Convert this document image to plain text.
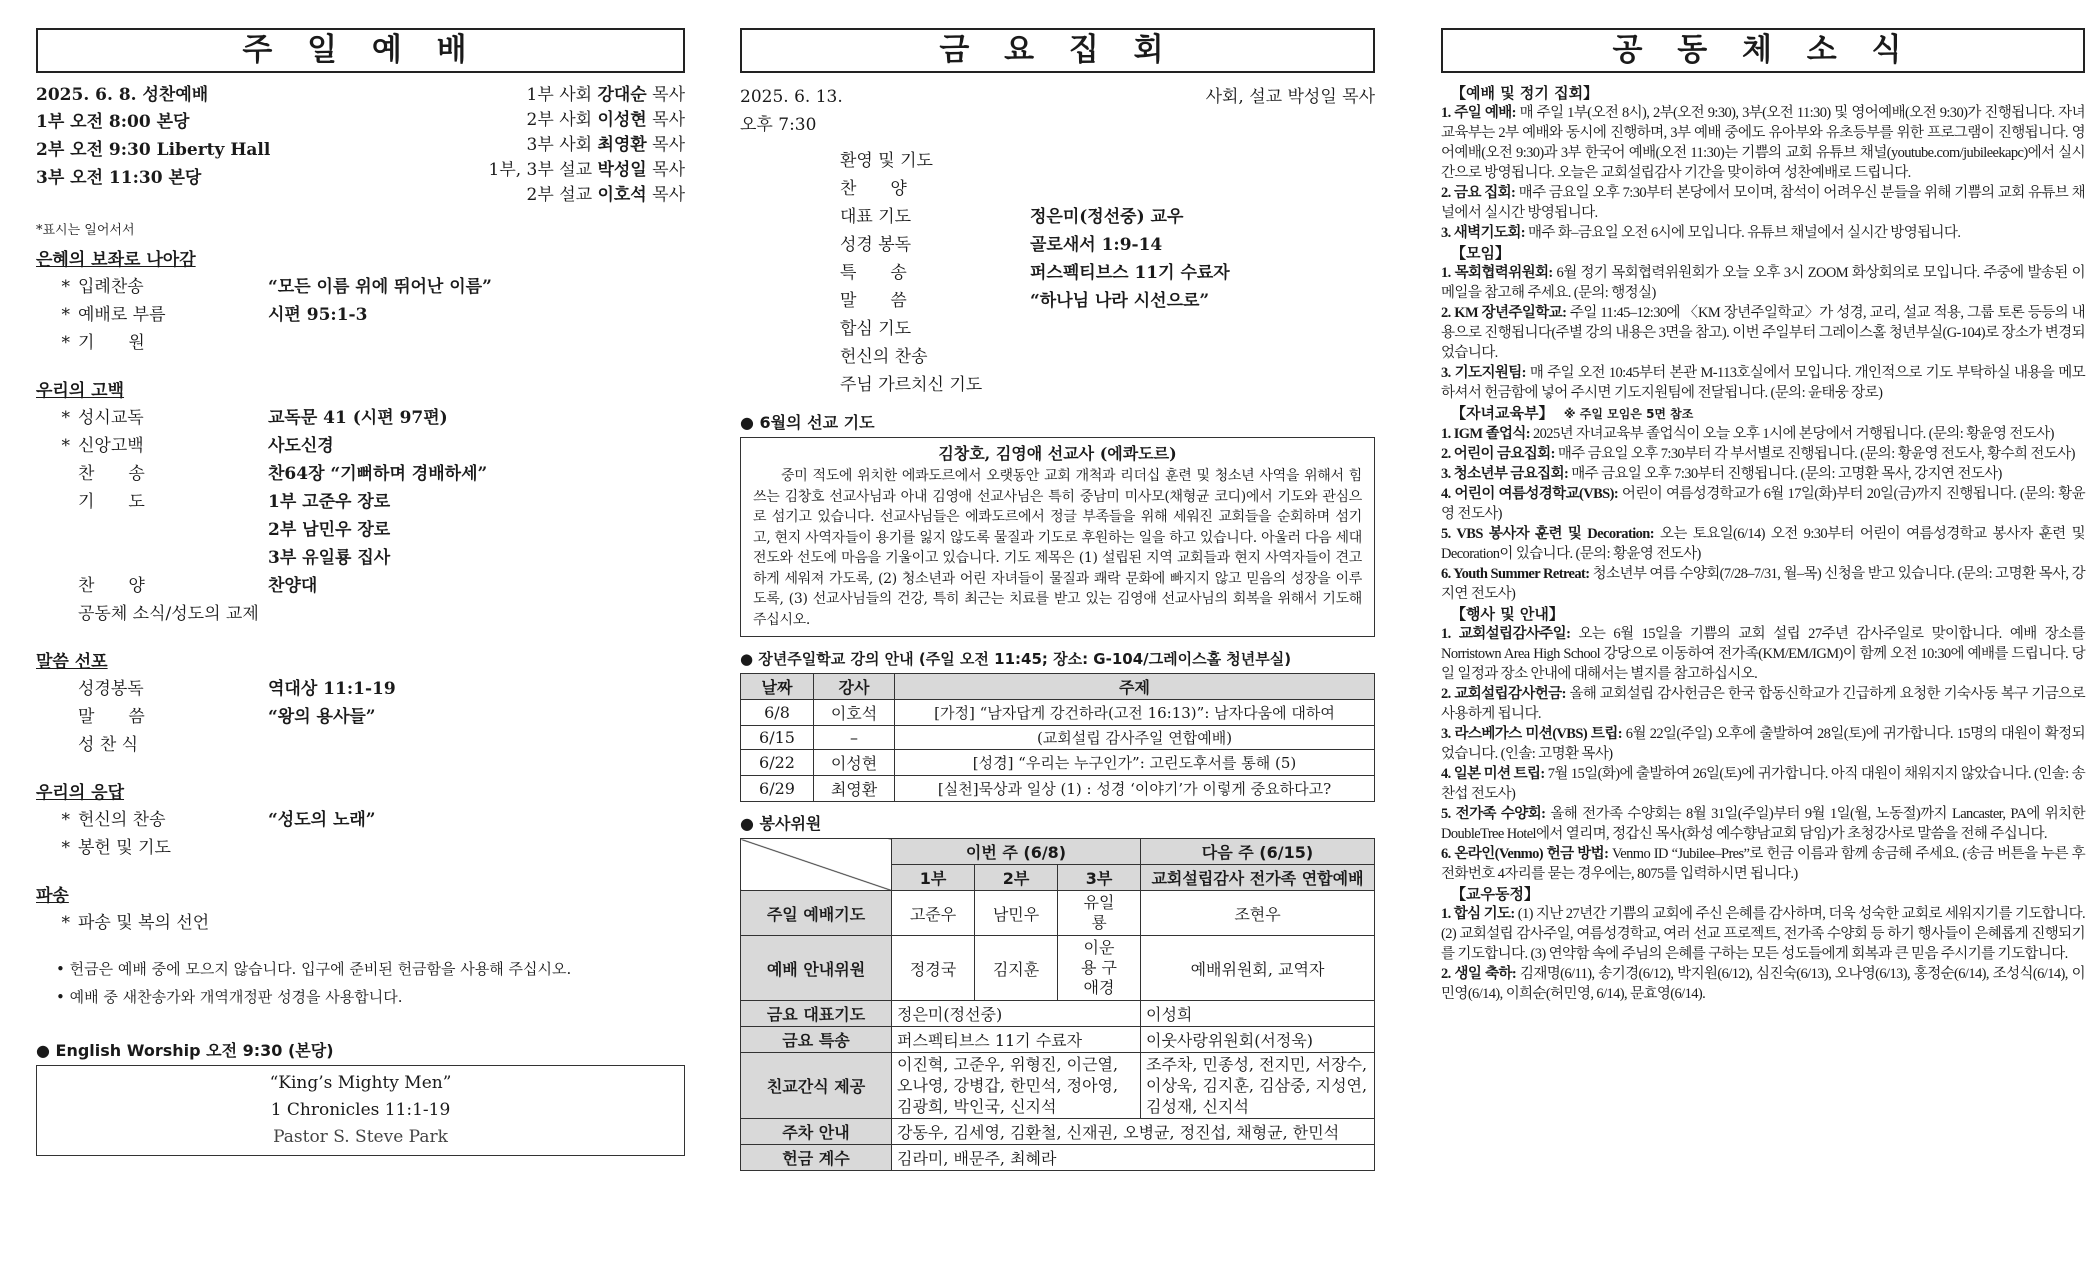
주 일 예 배
2025. 6. 8. 성찬예배
1부 오전 8:00 본당
2부 오전 9:30 Liberty Hall
3부 오전 11:30 본당
1부 사회 강대순 목사
2부 사회 이성현 목사
3부 사회 최영환 목사
1부, 3부 설교 박성일 목사
2부 설교 이호석 목사
*표시는 일어서서
은혜의 보좌로 나아감
* 입례찬송	“모든 이름 위에 뛰어난 이름”
* 예배로 부름	시편 95:1-3
* 기　　원
우리의 고백
* 성시교독	교독문 41 (시편 97편)
* 신앙고백	사도신경
찬　　송	찬64장 “기뻐하며 경배하세”
기　　도	1부 고준우 장로
2부 남민우 장로
3부 유일룡 집사
찬　　양	찬양대
공동체 소식/성도의 교제
말씀 선포
성경봉독	역대상 11:1-19
말　　씀	“왕의 용사들”
성 찬 식
우리의 응답
* 헌신의 찬송	“성도의 노래”
* 봉헌 및 기도
파송
* 파송 및 복의 선언
• 헌금은 예배 중에 모으지 않습니다. 입구에 준비된 헌금함을 사용해 주십시오.
• 예배 중 새찬송가와 개역개정판 성경을 사용합니다.
● English Worship 오전 9:30 (본당)
“King’s Mighty Men”
1 Chronicles 11:1-19
Pastor S. Steve Park
금 요 집 회
2025. 6. 13.
오후 7:30
사회, 설교 박성일 목사
환영 및 기도
찬　　양
대표 기도	정은미(정선중) 교우
성경 봉독	골로새서 1:9-14
특　　송	퍼스펙티브스 11기 수료자
말　　씀	“하나님 나라 시선으로”
합심 기도
헌신의 찬송
주님 가르치신 기도
● 6월의 선교 기도
김창호, 김영애 선교사 (에콰도르)
중미 적도에 위치한 에콰도르에서 오랫동안 교회 개척과 리더십 훈련 및 청소년 사역을 위해서 힘쓰는 김창호 선교사님과 아내 김영애 선교사님은 특히 중남미 미사모(채형균 코디)에서 기도와 관심으로 섬기고 있습니다. 선교사님들은 에콰도르에서 정글 부족들을 위해 세워진 교회들을 순회하며 섬기고, 현지 사역자들이 용기를 잃지 않도록 물질과 기도로 후원하는 일을 하고 있습니다. 아울러 다음 세대 전도와 선도에 마음을 기울이고 있습니다. 기도 제목은 (1) 설립된 지역 교회들과 현지 사역자들이 견고하게 세워져 가도록, (2) 청소년과 어린 자녀들이 물질과 쾌락 문화에 빠지지 않고 믿음의 성장을 이루도록, (3) 선교사님들의 건강, 특히 최근는 치료를 받고 있는 김영애 선교사님의 회복을 위해서 기도해 주십시오.
● 장년주일학교 강의 안내 (주일 오전 11:45; 장소: G-104/그레이스홀 청년부실)
날짜	강사	주제
6/8	이호석	[가정] “남자답게 강건하라(고전 16:13)”: 남자다움에 대하여
6/15	–	(교회설립 감사주일 연합예배)
6/22	이성현	[성경] “우리는 누구인가”: 고린도후서를 통해 (5)
6/29	최영환	[실천]묵상과 일상 (1) : 성경 ‘이야기’가 이렇게 중요하다고?
● 봉사위원
	이번 주 (6/8)			다음 주 (6/15)
	1부	2부	3부	교회설립감사 전가족 연합예배
주일 예배기도	고준우	남민우	유일룡	조현우
예배 안내위원	정경국	김지훈	이운용 구애경	예배위원회, 교역자
금요 대표기도	정은미(정선중)			이성희
금요 특송	퍼스펙티브스 11기 수료자			이웃사랑위원회(서정욱)
친교간식 제공	이진혁, 고준우, 위형진, 이근열, 오나영, 강병갑, 한민석, 정아영, 김광희, 박인국, 신지석			조주차, 민종성, 전지민, 서장수, 이상욱, 김지훈, 김삼중, 지성연, 김성재, 신지석
주차 안내	강동우, 김세영, 김환철, 신재권, 오병균, 정진섭, 채형균, 한민석			
헌금 계수	김라미, 배문주, 최혜라			
공 동 체 소 식
【예배 및 정기 집회】
1. 주일 예배: 매 주일 1부(오전 8시), 2부(오전 9:30), 3부(오전 11:30) 및 영어예배(오전 9:30)가 진행됩니다. 자녀교육부는 2부 예배와 동시에 진행하며, 3부 예배 중에도 유아부와 유초등부를 위한 프로그램이 진행됩니다. 영어예배(오전 9:30)과 3부 한국어 예배(오전 11:30)는 기쁨의 교회 유튜브 채널(youtube.com/jubileekapc)에서 실시간으로 방영됩니다. 오늘은 교회설립감사 기간을 맞이하여 성찬예배로 드립니다.
2. 금요 집회: 매주 금요일 오후 7:30부터 본당에서 모이며, 참석이 어려우신 분들을 위해 기쁨의 교회 유튜브 채널에서 실시간 방영됩니다.
3. 새벽기도회: 매주 화–금요일 오전 6시에 모입니다. 유튜브 채널에서 실시간 방영됩니다.
【모임】
1. 목회협력위원회: 6월 정기 목회협력위원회가 오늘 오후 3시 ZOOM 화상회의로 모입니다. 주중에 발송된 이메일을 참고해 주세요. (문의: 행정실)
2. KM 장년주일학교: 주일 11:45–12:30에 〈KM 장년주일학교〉가 성경, 교리, 설교 적용, 그룹 토론 등등의 내용으로 진행됩니다(주별 강의 내용은 3면을 참고). 이번 주일부터 그레이스홀 청년부실(G-104)로 장소가 변경되었습니다.
3. 기도지원팀: 매 주일 오전 10:45부터 본관 M-113호실에서 모입니다. 개인적으로 기도 부탁하실 내용을 메모하셔서 헌금함에 넣어 주시면 기도지원팀에 전달됩니다. (문의: 윤태웅 장로)
【자녀교육부】 ※ 주일 모임은 5면 참조
1. IGM 졸업식: 2025년 자녀교육부 졸업식이 오늘 오후 1시에 본당에서 거행됩니다. (문의: 황윤영 전도사)
2. 어린이 금요집회: 매주 금요일 오후 7:30부터 각 부서별로 진행됩니다. (문의: 황윤영 전도사, 황수희 전도사)
3. 청소년부 금요집회: 매주 금요일 오후 7:30부터 진행됩니다. (문의: 고명환 목사, 강지연 전도사)
4. 어린이 여름성경학교(VBS): 어린이 여름성경학교가 6월 17일(화)부터 20일(금)까지 진행됩니다. (문의: 황윤영 전도사)
5. VBS 봉사자 훈련 및 Decoration: 오는 토요일(6/14) 오전 9:30부터 어린이 여름성경학교 봉사자 훈련 및 Decoration이 있습니다. (문의: 황윤영 전도사)
6. Youth Summer Retreat: 청소년부 여름 수양회(7/28–7/31, 월–목) 신청을 받고 있습니다. (문의: 고명환 목사, 강지연 전도사)
【행사 및 안내】
1. 교회설립감사주일: 오는 6월 15일을 기쁨의 교회 설립 27주년 감사주일로 맞이합니다. 예배 장소를 Norristown Area High School 강당으로 이동하여 전가족(KM/EM/IGM)이 함께 오전 10:30에 예배를 드립니다. 당일 일정과 장소 안내에 대해서는 별지를 참고하십시오.
2. 교회설립감사헌금: 올해 교회설립 감사헌금은 한국 합동신학교가 긴급하게 요청한 기숙사동 복구 기금으로 사용하게 됩니다.
3. 라스베가스 미션(VBS) 트립: 6월 22일(주일) 오후에 출발하여 28일(토)에 귀가합니다. 15명의 대원이 확정되었습니다. (인솔: 고명환 목사)
4. 일본 미션 트립: 7월 15일(화)에 출발하여 26일(토)에 귀가합니다. 아직 대원이 채워지지 않았습니다. (인솔: 송찬섭 전도사)
5. 전가족 수양회: 올해 전가족 수양회는 8월 31일(주일)부터 9월 1일(월, 노동절)까지 Lancaster, PA에 위치한 DoubleTree Hotel에서 열리며, 정갑신 목사(화성 예수향남교회 담임)가 초청강사로 말씀을 전해 주십니다.
6. 온라인(Venmo) 헌금 방법: Venmo ID “Jubilee–Pres”로 헌금 이름과 함께 송금해 주세요. (송금 버튼을 누른 후 전화번호 4자리를 묻는 경우에는, 8075를 입력하시면 됩니다.)
【교우동정】
1. 합심 기도: (1) 지난 27년간 기쁨의 교회에 주신 은혜를 감사하며, 더욱 성숙한 교회로 세워지기를 기도합니다. (2) 교회설립 감사주일, 여름성경학교, 여러 선교 프로젝트, 전가족 수양회 등 하기 행사들이 은혜롭게 진행되기를 기도합니다. (3) 연약함 속에 주님의 은혜를 구하는 모든 성도들에게 회복과 큰 믿음 주시기를 기도합니다.
2. 생일 축하: 김재명(6/11), 송기경(6/12), 박지원(6/12), 심진숙(6/13), 오나영(6/13), 홍정순(6/14), 조성식(6/14), 이민영(6/14), 이희순(허민영, 6/14), 문효영(6/14).
